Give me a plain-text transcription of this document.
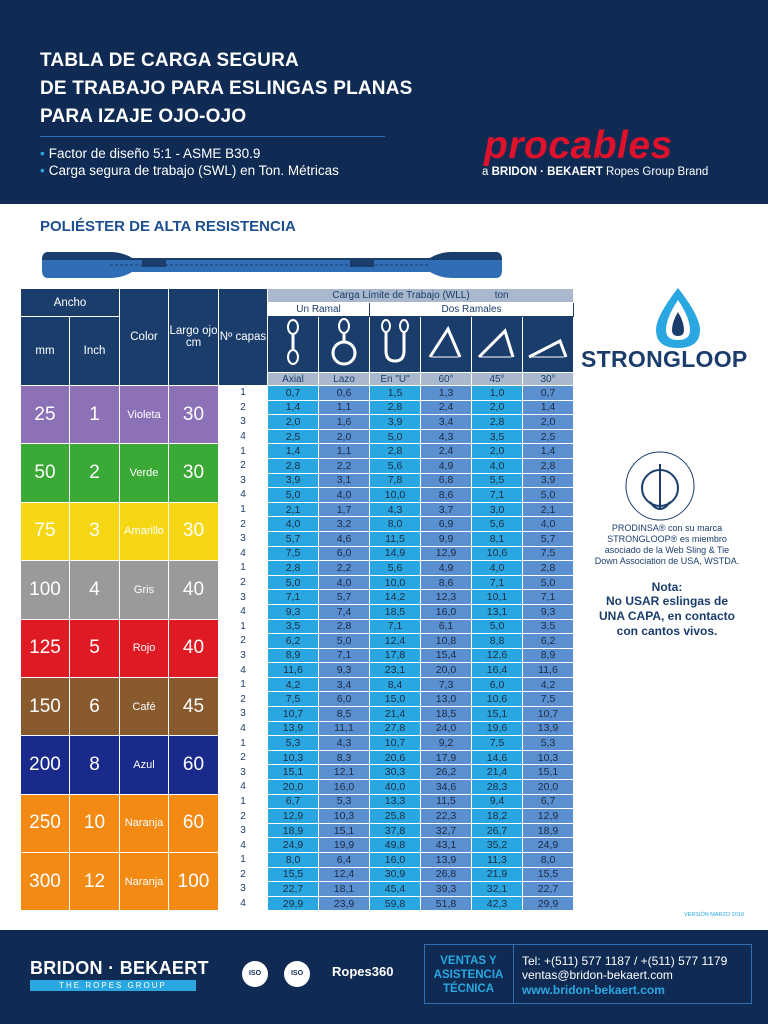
TABLA DE CARGA SEGURA
DE TRABAJO PARA ESLINGAS PLANAS
PARA IZAJE OJO-OJO
• Factor de diseño 5:1 - ASME B30.9
• Carga segura de trabajo (SWL) en Ton. Métricas
procables
a BRIDON · BEKAERT Ropes Group Brand
POLIÉSTER DE ALTA RESISTENCIA
Ancho		Color	Largo ojo cm	Nº capas	Carga Límite de Trabajo (WLL) ton					
					Un Ramal		Dos Ramales			
mm	Inch						

					Axial	Lazo	En "U"	60°	45°	30°
25	1	Violeta	30	1	0,7	0,6	1,5	1,3	1,0	0,7
				2	1,4	1,1	2,8	2,4	2,0	1,4
				3	2,0	1,6	3,9	3,4	2,8	2,0
				4	2,5	2,0	5,0	4,3	3,5	2,5
50	2	Verde	30	1	1,4	1,1	2,8	2,4	2,0	1,4
				2	2,8	2,2	5,6	4,9	4,0	2,8
				3	3,9	3,1	7,8	6,8	5,5	3,9
				4	5,0	4,0	10,0	8,6	7,1	5,0
75	3	Amarillo	30	1	2,1	1,7	4,3	3,7	3,0	2,1
				2	4,0	3,2	8,0	6,9	5,6	4,0
				3	5,7	4,6	11,5	9,9	8,1	5,7
				4	7,5	6,0	14,9	12,9	10,6	7,5
100	4	Gris	40	1	2,8	2,2	5,6	4,9	4,0	2,8
				2	5,0	4,0	10,0	8,6	7,1	5,0
				3	7,1	5,7	14,2	12,3	10,1	7,1
				4	9,3	7,4	18,5	16,0	13,1	9,3
125	5	Rojo	40	1	3,5	2,8	7,1	6,1	5,0	3,5
				2	6,2	5,0	12,4	10,8	8,8	6,2
				3	8,9	7,1	17,8	15,4	12,6	8,9
				4	11,6	9,3	23,1	20,0	16,4	11,6
150	6	Café	45	1	4,2	3,4	8,4	7,3	6,0	4,2
				2	7,5	6,0	15,0	13,0	10,6	7,5
				3	10,7	8,5	21,4	18,5	15,1	10,7
				4	13,9	11,1	27,8	24,0	19,6	13,9
200	8	Azul	60	1	5,3	4,3	10,7	9,2	7,5	5,3
				2	10,3	8,3	20,6	17,9	14,6	10,3
				3	15,1	12,1	30,3	26,2	21,4	15,1
				4	20,0	16,0	40,0	34,6	28,3	20,0
250	10	Naranja	60	1	6,7	5,3	13,3	11,5	9,4	6,7
				2	12,9	10,3	25,8	22,3	18,2	12,9
				3	18,9	15,1	37,8	32,7	26,7	18,9
				4	24,9	19,9	49,8	43,1	35,2	24,9
300	12	Naranja	100	1	8,0	6,4	16,0	13,9	11,3	8,0
				2	15,5	12,4	30,9	26,8	21,9	15,5
				3	22,7	18,1	45,4	39,3	32,1	22,7
				4	29,9	23,9	59,8	51,8	42,3	29,9
STRONGLOOP
PRODINSA® con su marca STRONGLOOP® es miembro asociado de la Web Sling & Tie Down Association de USA, WSTDA.
Nota:
No USAR eslingas de UNA CAPA, en contacto con cantos vivos.
VERSIÓN MARZO 2018
BRIDON · BEKAERT
THE ROPES GROUP
ISO	ISO	Ropes360
VENTAS Y ASISTENCIA TÉCNICA
Tel: +(511) 577 1187 / +(511) 577 1179
ventas@bridon-bekaert.com
www.bridon-bekaert.com
